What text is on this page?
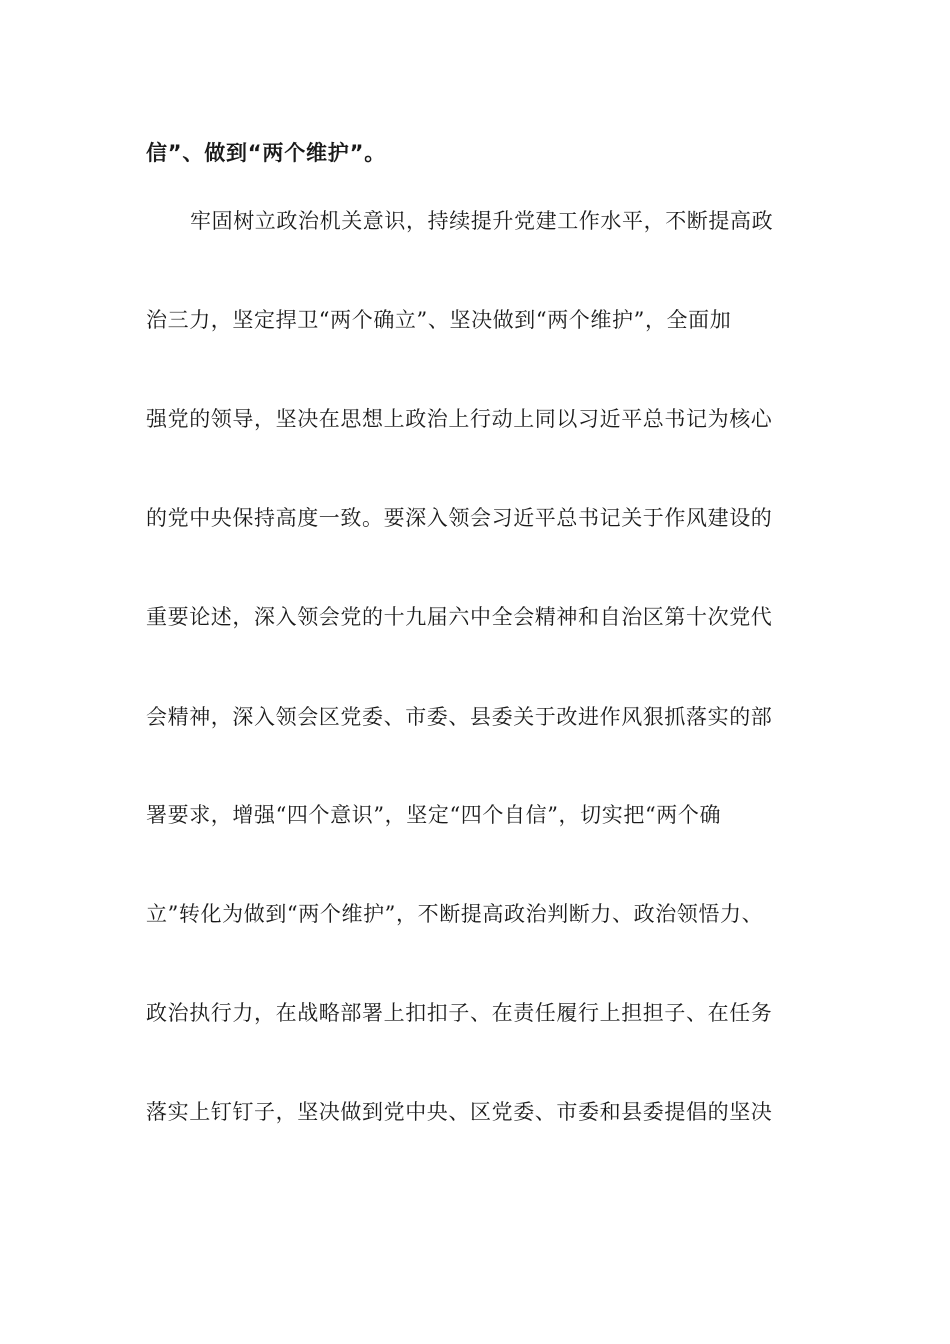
信”、做到“两个维护”。
牢固树立政治机关意识，持续提升党建工作水平，不断提高政
治三力，坚定捍卫“两个确立”、坚决做到“两个维护”，全面加
强党的领导，坚决在思想上政治上行动上同以习近平总书记为核心
的党中央保持高度一致。要深入领会习近平总书记关于作风建设的
重要论述，深入领会党的十九届六中全会精神和自治区第十次党代
会精神，深入领会区党委、市委、县委关于改进作风狠抓落实的部
署要求，增强“四个意识”，坚定“四个自信”，切实把“两个确
立”转化为做到“两个维护”，不断提高政治判断力、政治领悟力、
政治执行力，在战略部署上扣扣子、在责任履行上担担子、在任务
落实上钉钉子，坚决做到党中央、区党委、市委和县委提倡的坚决
